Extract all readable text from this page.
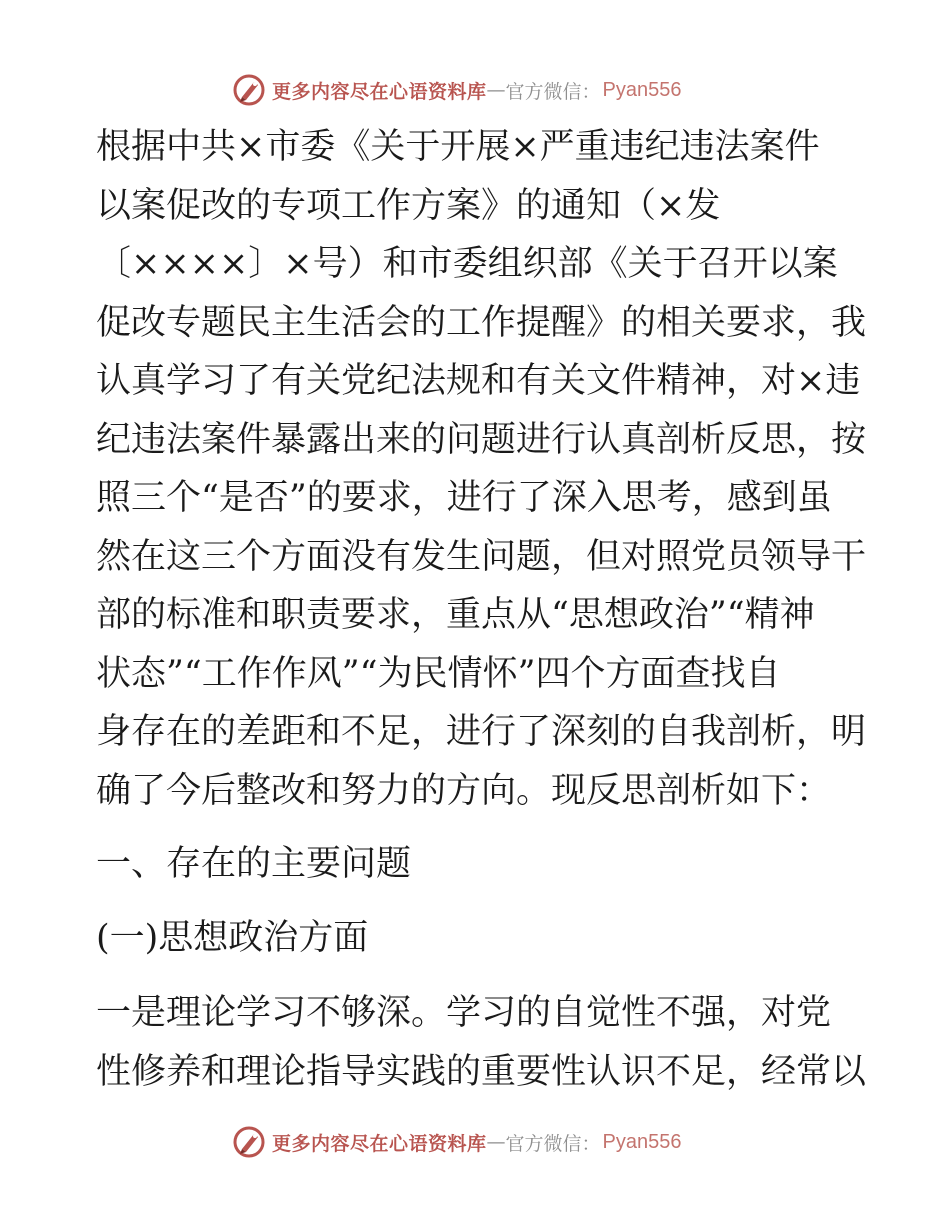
更多内容尽在心语资料库 — 官方微信： Pyan556
根据中共×市委《关于开展×严重违纪违法案件
以案促改的专项工作方案》的通知（×发
〔××××〕×号）和市委组织部《关于召开以案
促改专题民主生活会的工作提醒》的相关要求，我
认真学习了有关党纪法规和有关文件精神，对×违
纪违法案件暴露出来的问题进行认真剖析反思，按
照三个“是否”的要求，进行了深入思考，感到虽
然在这三个方面没有发生问题，但对照党员领导干
部的标准和职责要求，重点从“思想政治”“精神
状态”“工作作风”“为民情怀”四个方面查找自
身存在的差距和不足，进行了深刻的自我剖析，明
确了今后整改和努力的方向。现反思剖析如下：
一、存在的主要问题
(一)思想政治方面
一是理论学习不够深。学习的自觉性不强，对党
性修养和理论指导实践的重要性认识不足，经常以
更多内容尽在心语资料库 — 官方微信： Pyan556
